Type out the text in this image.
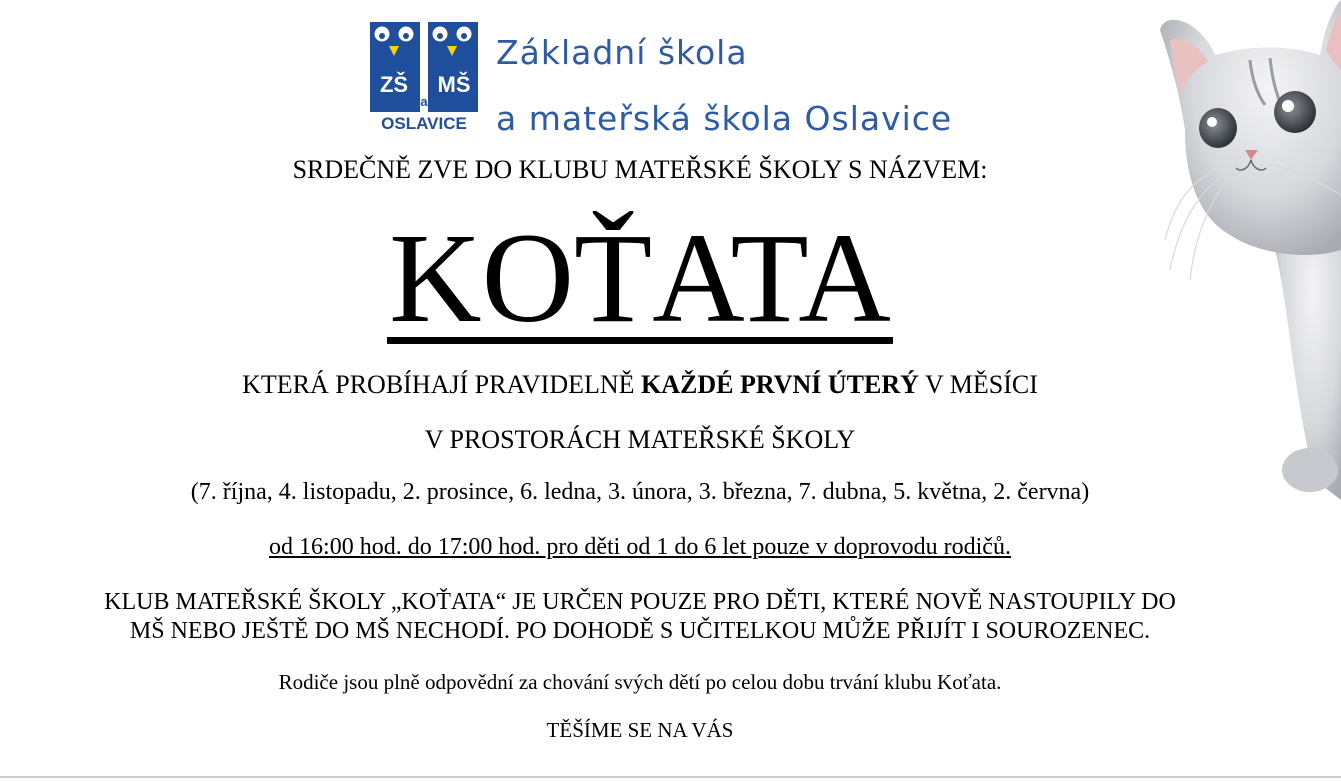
ZŠ MŠ
a
OSLAVICE
Základní škola
a mateřská škola Oslavice
SRDEČNĚ ZVE DO KLUBU MATEŘSKÉ ŠKOLY S NÁZVEM:
KOŤATA
KTERÁ PROBÍHAJÍ PRAVIDELNĚ KAŽDÉ PRVNÍ ÚTERÝ V MĚSÍCI
V PROSTORÁCH MATEŘSKÉ ŠKOLY
(7. října, 4. listopadu, 2. prosince, 6. ledna, 3. února, 3. března, 7. dubna, 5. května, 2. června)
od 16:00 hod. do 17:00 hod. pro děti od 1 do 6 let pouze v doprovodu rodičů.
KLUB MATEŘSKÉ ŠKOLY „KOŤATA“ JE URČEN POUZE PRO DĚTI, KTERÉ NOVĚ NASTOUPILY DO
MŠ NEBO JEŠTĚ DO MŠ NECHODÍ. PO DOHODĚ S UČITELKOU MŮŽE PŘIJÍT I SOUROZENEC.
Rodiče jsou plně odpovědní za chování svých dětí po celou dobu trvání klubu Koťata.
TĚŠÍME SE NA VÁS
